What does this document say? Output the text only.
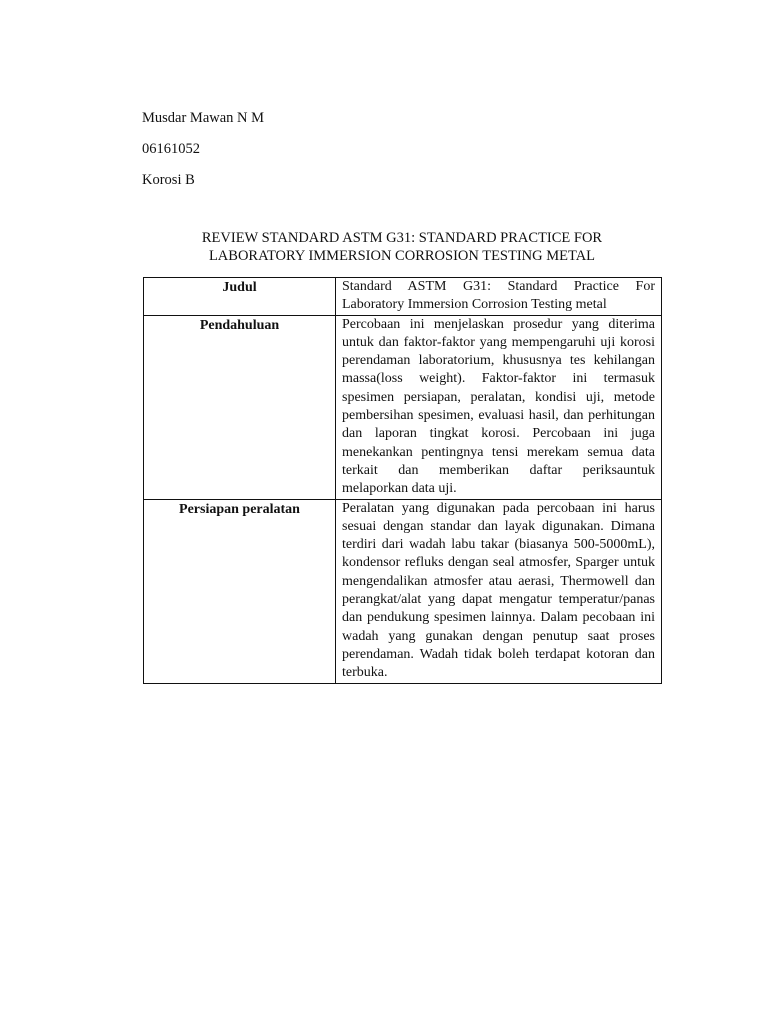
Musdar Mawan N M

06161052

Korosi B

REVIEW STANDARD ASTM G31: STANDARD PRACTICE FOR
LABORATORY IMMERSION CORROSION TESTING METAL
Judul	Standard ASTM G31: Standard Practice For Laboratory Immersion Corrosion Testing metal
Pendahuluan	Percobaan ini menjelaskan prosedur yang diterima untuk dan faktor-faktor yang mempengaruhi uji korosi perendaman laboratorium, khususnya tes kehilangan massa(loss weight). Faktor-faktor ini termasuk spesimen persiapan, peralatan, kondisi uji, metode pembersihan spesimen, evaluasi hasil, dan perhitungan dan laporan tingkat korosi. Percobaan ini juga menekankan pentingnya tensi merekam semua data terkait dan memberikan daftar periksauntuk melaporkan data uji.
Persiapan peralatan	Peralatan yang digunakan pada percobaan ini harus sesuai dengan standar dan layak digunakan. Dimana terdiri dari wadah labu takar (biasanya 500-5000mL), kondensor refluks dengan seal atmosfer, Sparger untuk mengendalikan atmosfer atau aerasi, Thermowell dan perangkat/alat yang dapat mengatur temperatur/panas dan pendukung spesimen lainnya. Dalam pecobaan ini wadah yang gunakan dengan penutup saat proses perendaman. Wadah tidak boleh terdapat kotoran dan terbuka.
